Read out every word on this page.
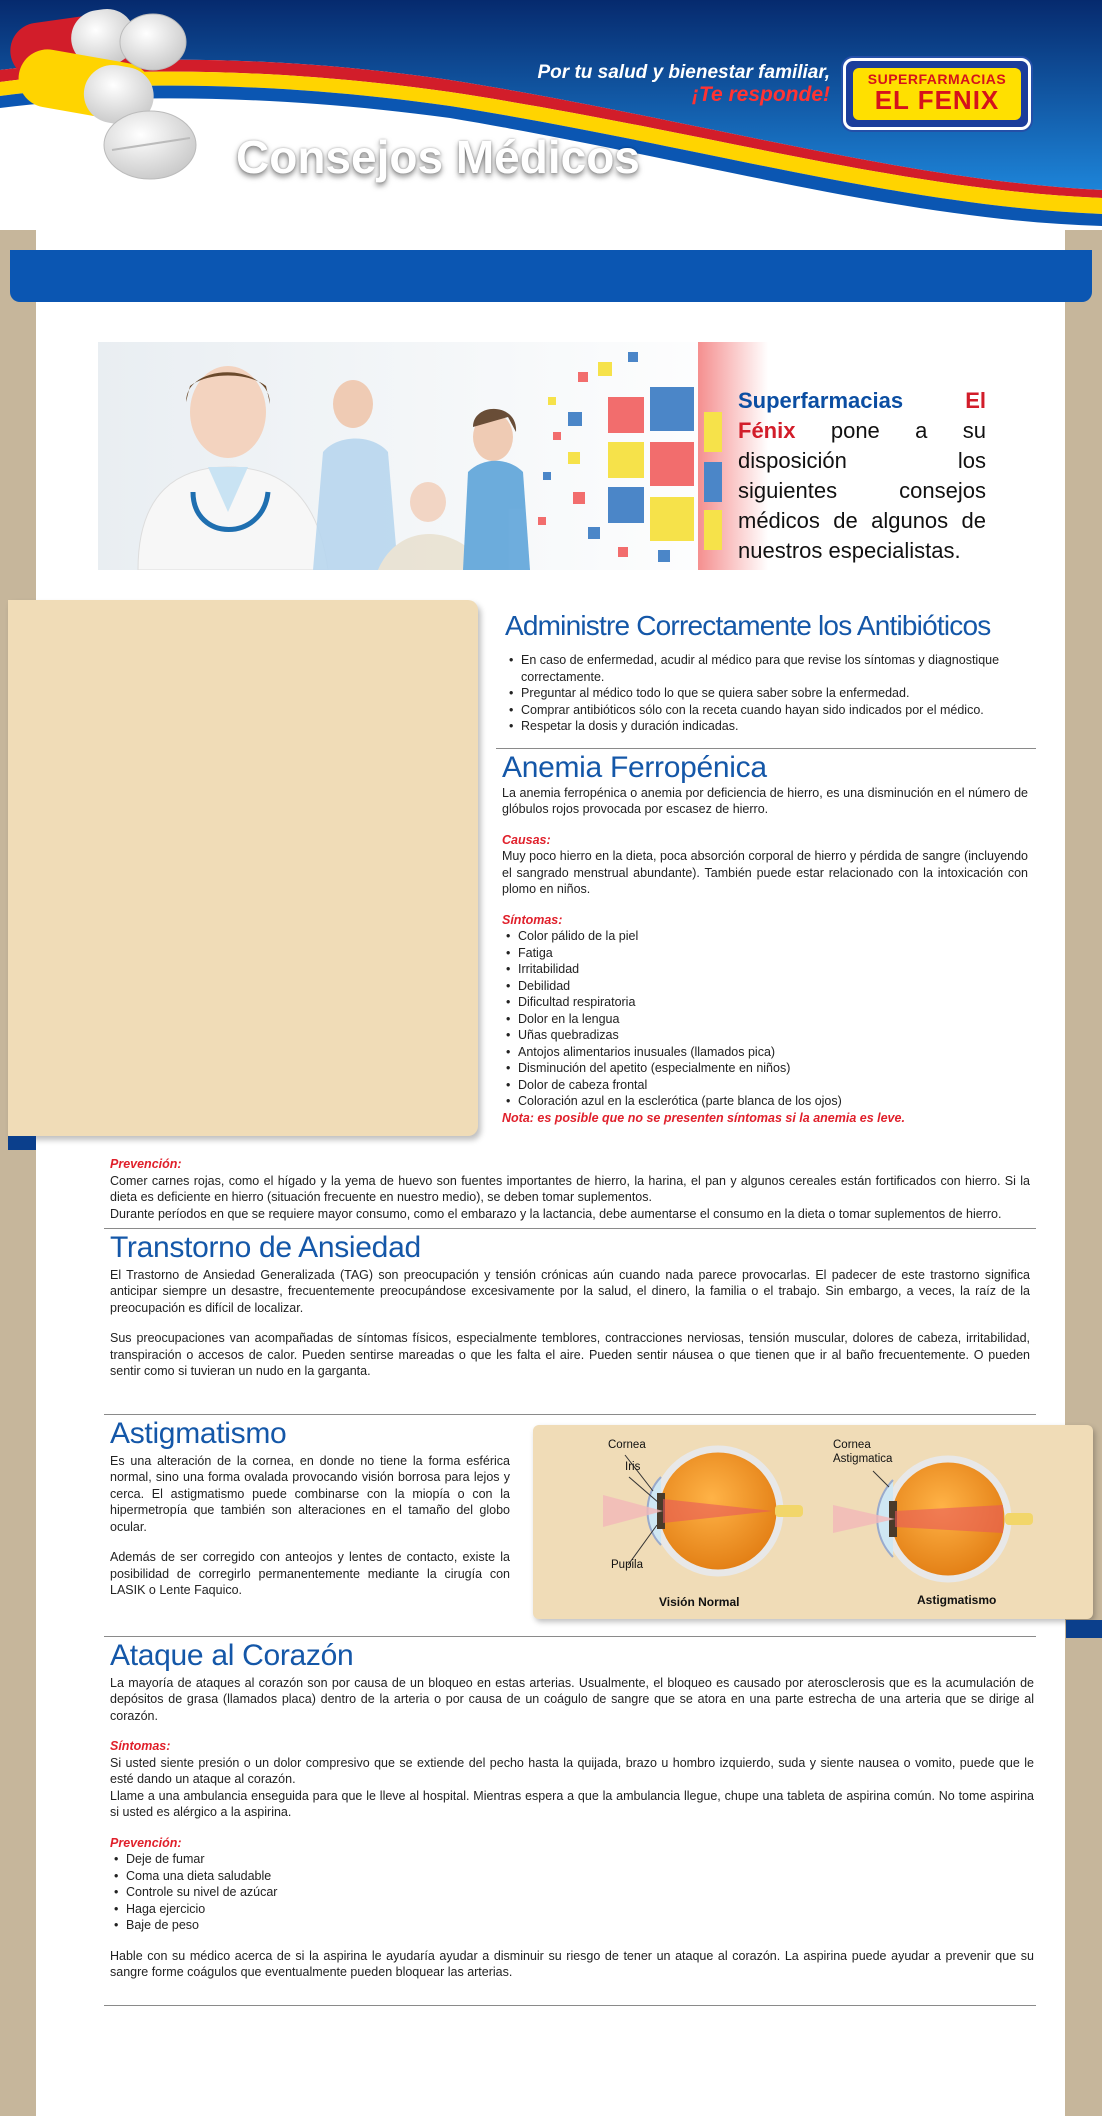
Por tu salud y bienestar familiar,
¡Te responde!
SUPERFARMACIAS
EL FENIX
Consejos Médicos
Superfarmacias	El Fénix pone a su disposición los siguientes consejos médicos de algunos de nuestros especialistas.
Administre Correctamente los Antibióticos
• En caso de enfermedad, acudir al médico para que revise los síntomas y diagnostique correctamente.
• Preguntar al médico todo lo que se quiera saber sobre la enfermedad.
• Comprar antibióticos sólo con la receta cuando hayan sido indicados por el médico.
• Respetar la dosis y duración indicadas.
Anemia Ferropénica

La anemia ferropénica o anemia por deficiencia de hierro, es una disminución en el número de glóbulos rojos provocada por escasez de hierro.

Causas:

Muy poco hierro en la dieta, poca absorción corporal de hierro y pérdida de sangre (incluyendo el sangrado menstrual abundante). También puede estar relacionado con la intoxicación con plomo en niños.

Síntomas:

• Color pálido de la piel
• Fatiga
• Irritabilidad
• Debilidad
• Dificultad respiratoria
• Dolor en la lengua
• Uñas quebradizas
• Antojos alimentarios inusuales (llamados pica)
• Disminución del apetito (especialmente en niños)
• Dolor de cabeza frontal
• Coloración azul en la esclerótica (parte blanca de los ojos)

Nota: es posible que no se presenten síntomas si la anemia es leve.

Prevención:

Comer carnes rojas, como el hígado y la yema de huevo son fuentes importantes de hierro, la harina, el pan y algunos cereales están fortificados con hierro. Si la dieta es deficiente en hierro (situación frecuente en nuestro medio), se deben tomar suplementos.

Durante períodos en que se requiere mayor consumo, como el embarazo y la lactancia, debe aumentarse el consumo en la dieta o tomar suplementos de hierro.

Transtorno de Ansiedad

El Trastorno de Ansiedad Generalizada (TAG) son preocupación y tensión crónicas aún cuando nada parece provocarlas. El padecer de este trastorno significa anticipar siempre un desastre, frecuentemente preocupándose excesivamente por la salud, el dinero, la familia o el trabajo. Sin embargo, a veces, la raíz de la preocupación es difícil de localizar.

Sus preocupaciones van acompañadas de síntomas físicos, especialmente temblores, contracciones nerviosas, tensión muscular, dolores de cabeza, irritabilidad, transpiración o accesos de calor. Pueden sentirse mareadas o que les falta el aire. Pueden sentir náusea o que tienen que ir al baño frecuentemente. O pueden sentir como si tuvieran un nudo en la garganta.

Astigmatismo

Es una alteración de la cornea, en donde no tiene la forma esférica normal, sino una forma ovalada provocando visión borrosa para lejos y cerca. El astigmatismo puede combinarse con la miopía o con la hipermetropía que también son alteraciones en el tamaño del globo ocular.

Además de ser corregido con anteojos y lentes de contacto, existe la posibilidad de corregirlo permanentemente mediante la cirugía con LASIK o Lente Faquico.

Cornea
Iris
Pupila
Visión Normal
Cornea
Astigmatica
Astigmatismo
Ataque al Corazón

La mayoría de ataques al corazón son por causa de un bloqueo en estas arterias. Usualmente, el bloqueo es causado por aterosclerosis que es la acumulación de depósitos de grasa (llamados placa) dentro de la arteria o por causa de un coágulo de sangre que se atora en una parte estrecha de una arteria que se dirige al corazón.

Síntomas:

Si usted siente presión o un dolor compresivo que se extiende del pecho hasta la quijada, brazo u hombro izquierdo, suda y siente nausea o vomito, puede que le esté dando un ataque al corazón.

Llame a una ambulancia enseguida para que le lleve al hospital. Mientras espera a que la ambulancia llegue, chupe una tableta de aspirina común. No tome aspirina si usted es alérgico a la aspirina.

Prevención:

• Deje de fumar
• Coma una dieta saludable
• Controle su nivel de azúcar
• Haga ejercicio
• Baje de peso

Hable con su médico acerca de si la aspirina le ayudaría ayudar a disminuir su riesgo de tener un ataque al corazón. La aspirina puede ayudar a prevenir que su sangre forme coágulos que eventualmente pueden bloquear las arterias.
